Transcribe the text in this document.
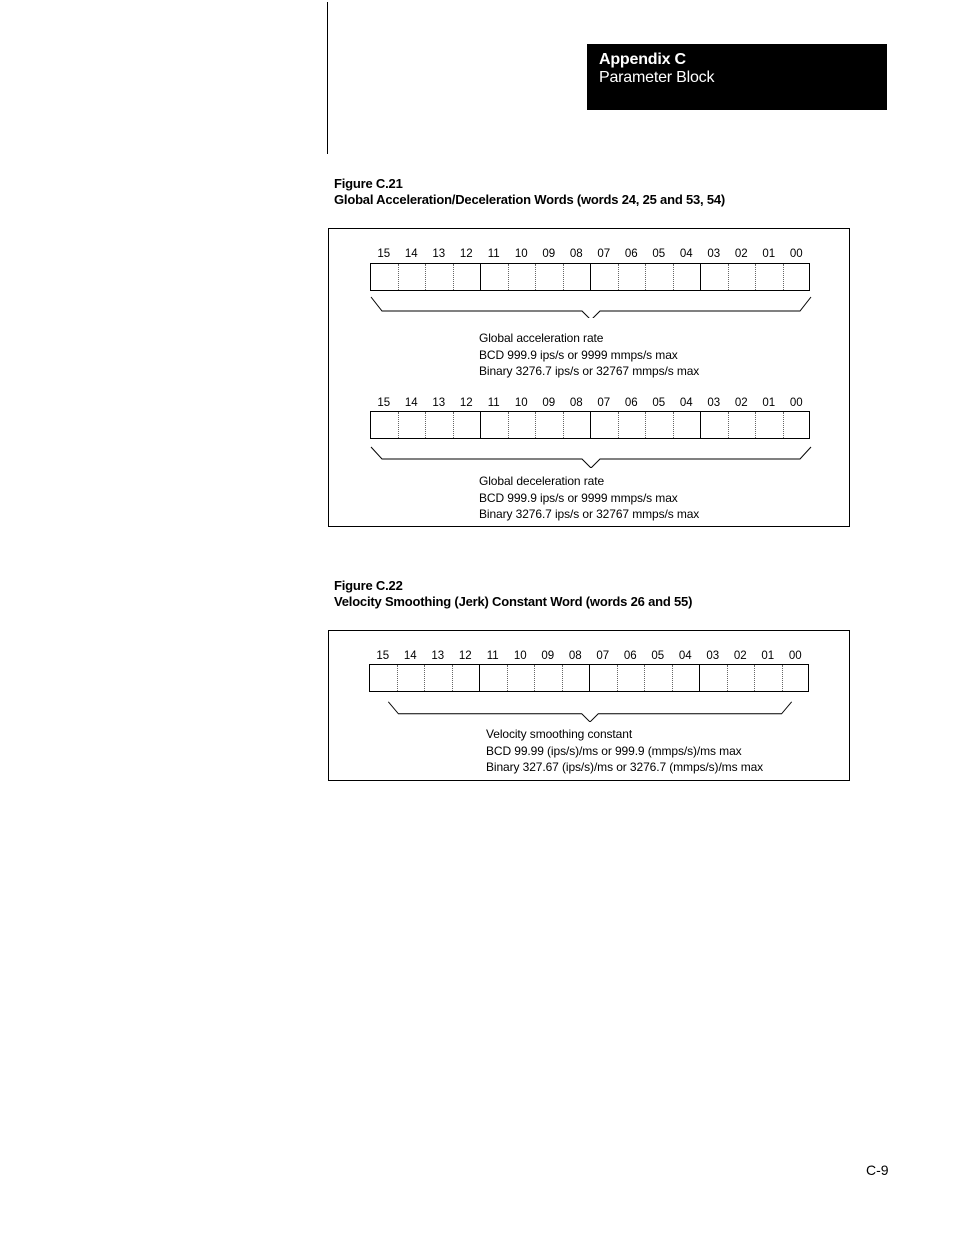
Appendix C
Parameter Block
Figure C.21
Global Acceleration/Deceleration Words (words 24, 25 and 53, 54)
15	14	13	12	11	10	09	08	07	06	05	04	03	02	01	00
Global acceleration rate
BCD 999.9 ips/s or 9999 mmps/s max
Binary 3276.7 ips/s or 32767 mmps/s max
15	14	13	12	11	10	09	08	07	06	05	04	03	02	01	00
Global deceleration rate
BCD 999.9 ips/s or 9999 mmps/s max
Binary 3276.7 ips/s or 32767 mmps/s max
Figure C.22
Velocity Smoothing (Jerk) Constant Word (words 26 and 55)
15	14	13	12	11	10	09	08	07	06	05	04	03	02	01	00
Velocity smoothing constant
BCD 99.99 (ips/s)/ms or 999.9 (mmps/s)/ms max
Binary 327.67 (ips/s)/ms or 3276.7 (mmps/s)/ms max
C-9
